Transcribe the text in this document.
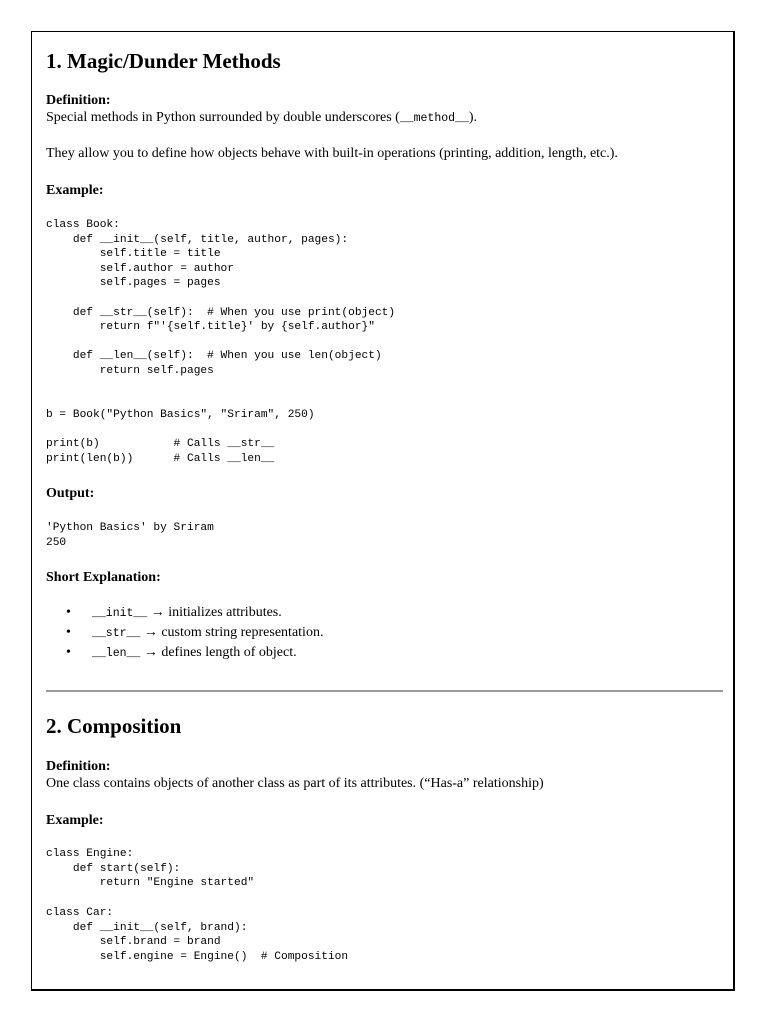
1. Magic/Dunder Methods
Definition:
Special methods in Python surrounded by double underscores (__method__).
They allow you to define how objects behave with built-in operations (printing, addition, length, etc.).
Example:
class Book:
def __init__(self, title, author, pages):
self.title = title
self.author = author
self.pages = pages

def __str__(self):  # When you use print(object)
return f"'{self.title}' by {self.author}"

def __len__(self):  # When you use len(object)
return self.pages
b = Book("Python Basics", "Sriram", 250)
print(b)           # Calls __str__
print(len(b))      # Calls __len__
Output:
'Python Basics' by Sriram
250
Short Explanation:
• __init__ → initializes attributes.
• __str__ → custom string representation.
• __len__ → defines length of object.
2. Composition
Definition:
One class contains objects of another class as part of its attributes. (“Has-a” relationship)
Example:
class Engine:
def start(self):
return "Engine started"
class Car:
def __init__(self, brand):
self.brand = brand
self.engine = Engine()  # Composition
